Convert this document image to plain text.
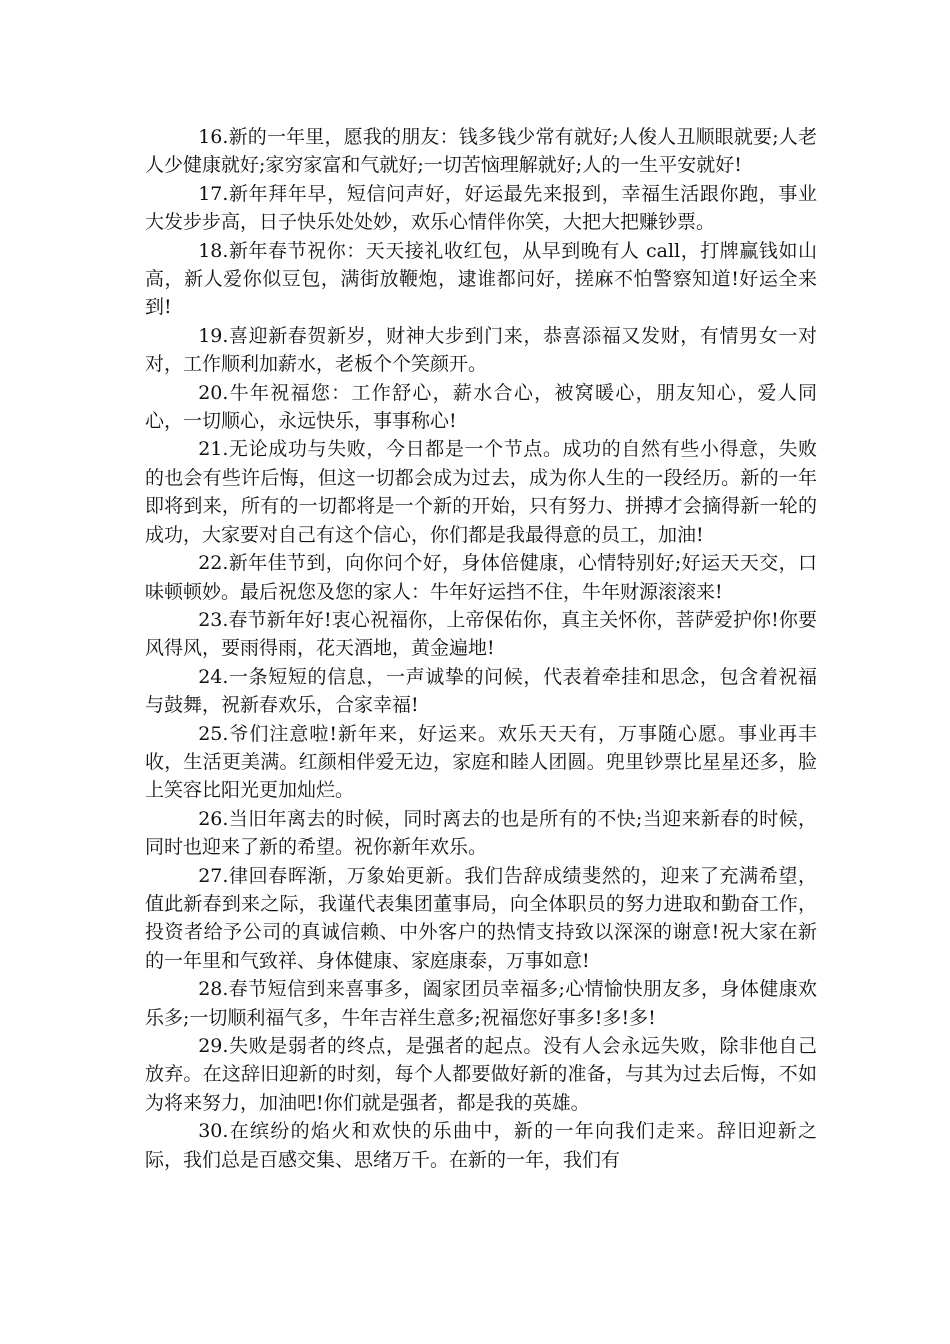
16.新的一年里，愿我的朋友：钱多钱少常有就好;人俊人丑顺眼就要;人老人少健康就好;家穷家富和气就好;一切苦恼理解就好;人的一生平安就好!

17.新年拜年早，短信问声好，好运最先来报到，幸福生活跟你跑，事业大发步步高，日子快乐处处妙，欢乐心情伴你笑，大把大把赚钞票。

18.新年春节祝你：天天接礼收红包，从早到晚有人 call，打牌赢钱如山高，新人爱你似豆包，满街放鞭炮，逮谁都问好，搓麻不怕警察知道!好运全来到!

19.喜迎新春贺新岁，财神大步到门来，恭喜添福又发财，有情男女一对对，工作顺利加薪水，老板个个笑颜开。

20.牛年祝福您：工作舒心，薪水合心，被窝暖心，朋友知心，爱人同心，一切顺心，永远快乐，事事称心!

21.无论成功与失败，今日都是一个节点。成功的自然有些小得意，失败的也会有些许后悔，但这一切都会成为过去，成为你人生的一段经历。新的一年即将到来，所有的一切都将是一个新的开始，只有努力、拼搏才会摘得新一轮的成功，大家要对自己有这个信心，你们都是我最得意的员工，加油!

22.新年佳节到，向你问个好，身体倍健康，心情特别好;好运天天交，口味顿顿妙。最后祝您及您的家人：牛年好运挡不住，牛年财源滚滚来!

23.春节新年好!衷心祝福你，上帝保佑你，真主关怀你，菩萨爱护你!你要风得风，要雨得雨，花天酒地，黄金遍地!

24.一条短短的信息，一声诚挚的问候，代表着牵挂和思念，包含着祝福与鼓舞，祝新春欢乐，合家幸福!

25.爷们注意啦!新年来，好运来。欢乐天天有，万事随心愿。事业再丰收，生活更美满。红颜相伴爱无边，家庭和睦人团圆。兜里钞票比星星还多，脸上笑容比阳光更加灿烂。

26.当旧年离去的时候，同时离去的也是所有的不快;当迎来新春的时候，同时也迎来了新的希望。祝你新年欢乐。

27.律回春晖渐，万象始更新。我们告辞成绩斐然的，迎来了充满希望，值此新春到来之际，我谨代表集团董事局，向全体职员的努力进取和勤奋工作，投资者给予公司的真诚信赖、中外客户的热情支持致以深深的谢意!祝大家在新的一年里和气致祥、身体健康、家庭康泰，万事如意!

28.春节短信到来喜事多，阖家团员幸福多;心情愉快朋友多，身体健康欢乐多;一切顺利福气多，牛年吉祥生意多;祝福您好事多!多!多!

29.失败是弱者的终点，是强者的起点。没有人会永远失败，除非他自己放弃。在这辞旧迎新的时刻，每个人都要做好新的准备，与其为过去后悔，不如为将来努力，加油吧!你们就是强者，都是我的英雄。

30.在缤纷的焰火和欢快的乐曲中，新的一年向我们走来。辞旧迎新之际，我们总是百感交集、思绪万千。在新的一年，我们有
